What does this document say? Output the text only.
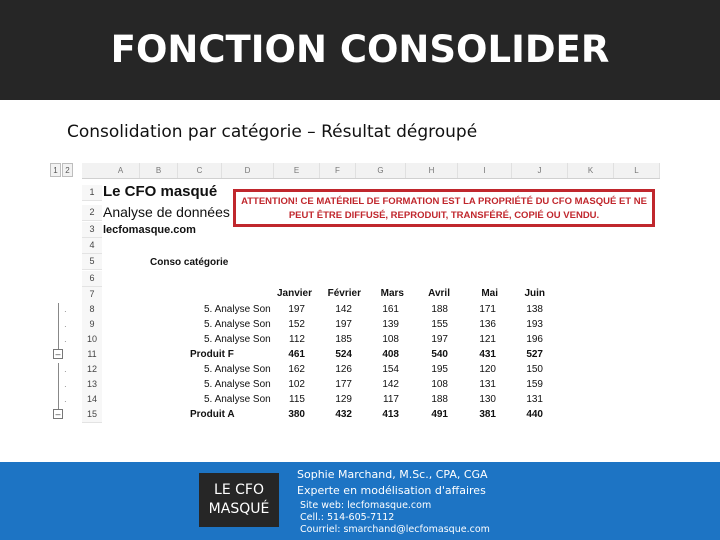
FONCTION CONSOLIDER
Consolidation par catégorie – Résultat dégroupé
1 2	A	B	C	D	E	F	G	H	I	J	K	L
1
2
3
4
5
6
7
8
9
10
11
12
13
14
15
·
·
·
–
·
·
·
–
Le CFO masqué
Analyse de données
lecfomasque.com
Conso catégorie
ATTENTION! CE MATÉRIEL DE FORMATION EST LA PROPRIÉTÉ DU CFO MASQUÉ ET NE
PEUT ÊTRE DIFFUSÉ, REPRODUIT, TRANSFÉRÉ, COPIÉ OU VENDU.
Janvier	Février	Mars	Avril	Mai	Juin
5. Analyse Son	197	142	161	188	171	138
5. Analyse Son	152	197	139	155	136	193
5. Analyse Son	112	185	108	197	121	196
Produit F	461	524	408	540	431	527
5. Analyse Son	162	126	154	195	120	150
5. Analyse Son	102	177	142	108	131	159
5. Analyse Son	115	129	117	188	130	131
Produit A	380	432	413	491	381	440
LE CFO
MASQUÉ
Sophie Marchand, M.Sc., CPA, CGA
Experte en modélisation d'affaires
Site web: lecfomasque.com
Cell.: 514-605-7112
Courriel: smarchand@lecfomasque.com
